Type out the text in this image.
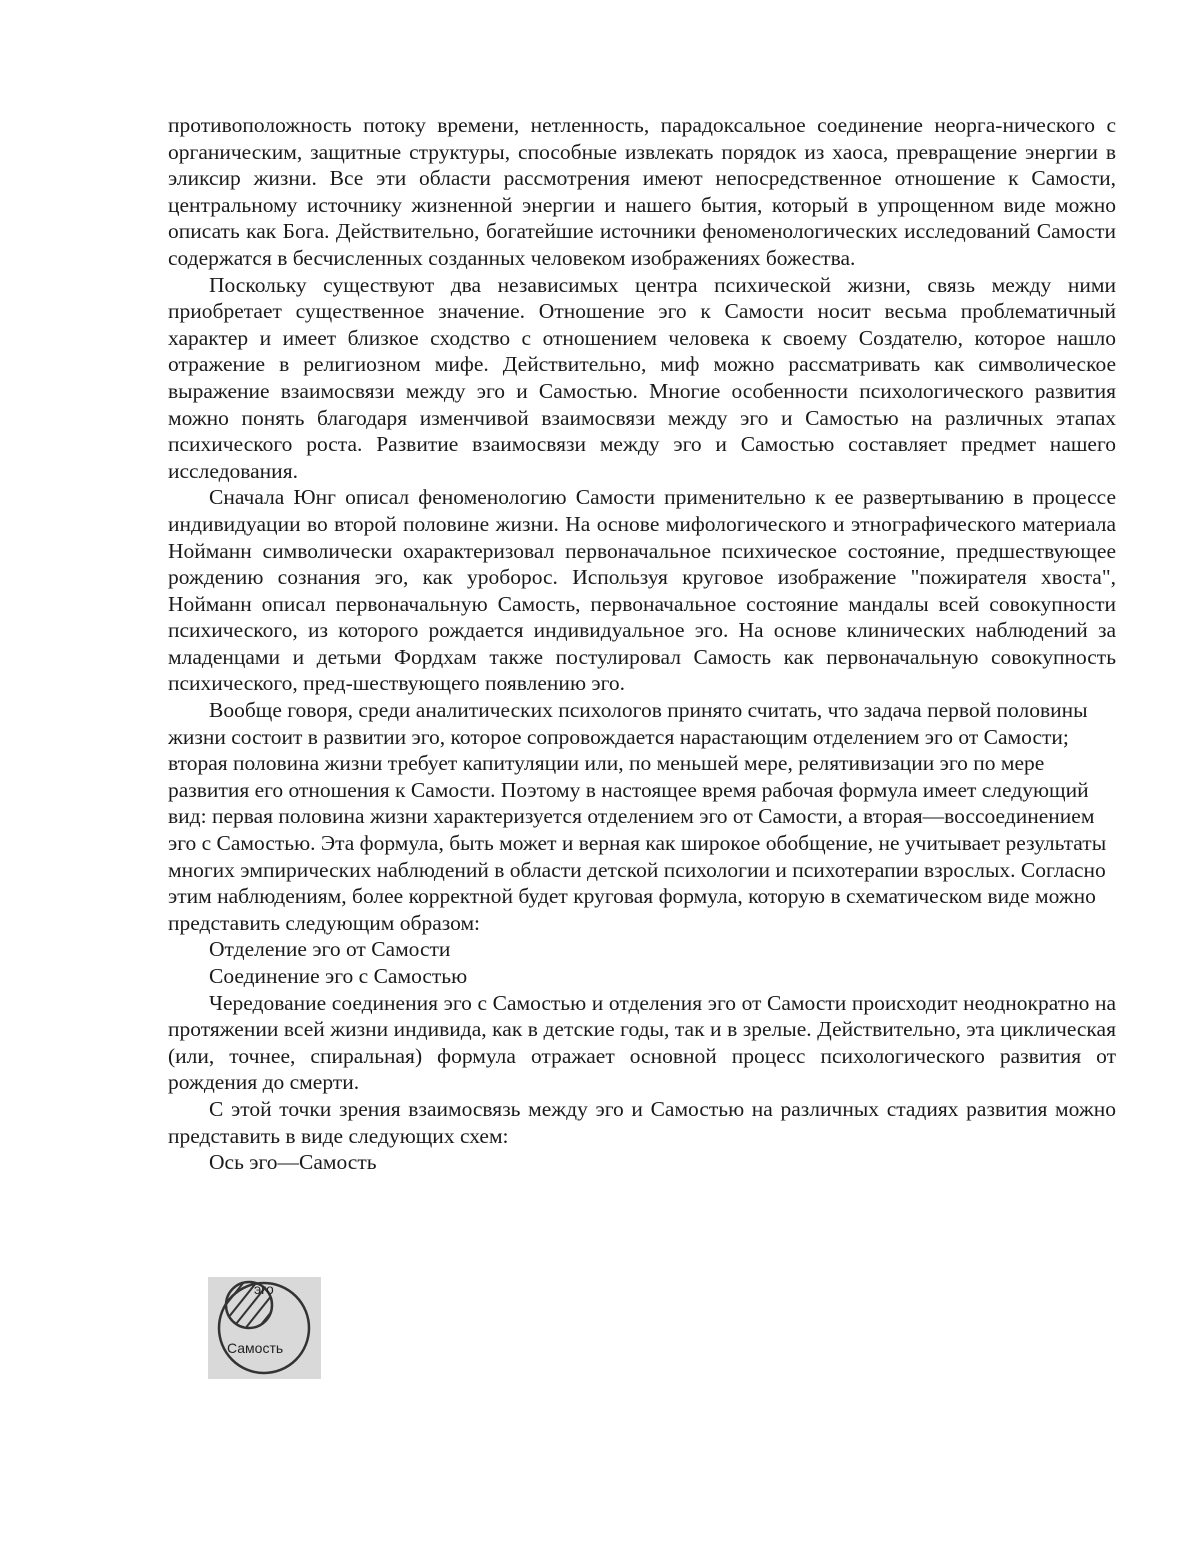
противоположность потоку времени, нетленность, парадоксальное соединение неорга-нического с органическим, защитные структуры, способные извлекать порядок из хаоса, превращение энергии в эликсир жизни. Все эти области рассмотрения имеют непосредственное отношение к Самости, центральному источнику жизненной энергии и нашего бытия, который в упрощенном виде можно описать как Бога. Действительно, богатейшие источники феноменологических исследований Самости содержатся в бесчисленных созданных человеком изображениях божества.

Поскольку существуют два независимых центра психической жизни, связь между ними приобретает существенное значение. Отношение эго к Самости носит весьма проблематичный характер и имеет близкое сходство с отношением человека к своему Создателю, которое нашло отражение в религиозном мифе. Действительно, миф можно рассматривать как символическое выражение взаимосвязи между эго и Самостью. Многие особенности психологического развития можно понять благодаря изменчивой взаимосвязи между эго и Самостью на различных этапах психического роста. Развитие взаимосвязи между эго и Самостью составляет предмет нашего исследования.

Сначала Юнг описал феноменологию Самости применительно к ее развертыванию в процессе индивидуации во второй половине жизни. На основе мифологического и этнографического материала Нойманн символически охарактеризовал первоначальное психическое состояние, предшествующее рождению сознания эго, как уроборос. Используя круговое изображение "пожирателя хвоста", Нойманн описал первоначальную Самость, первоначальное состояние мандалы всей совокупности психического, из которого рождается индивидуальное эго. На основе клинических наблюдений за младенцами и детьми Фордхам также постулировал Самость как первоначальную совокупность психического, пред-шествующего появлению эго.

Вообще говоря, среди аналитических психологов принято считать, что задача первой половины жизни состоит в развитии эго, которое сопровождается нарастающим отделением эго от Самости; вторая половина жизни требует капитуляции или, по меньшей мере, релятивизации эго по мере развития его отношения к Самости. Поэтому в настоящее время рабочая формула имеет следующий вид: первая половина жизни характеризуется отделением эго от Самости, а вторая—воссоединением эго с Самостью. Эта формула, быть может и верная как широкое обобщение, не учитывает результаты многих эмпирических наблюдений в области детской психологии и психотерапии взрослых. Согласно этим наблюдениям, более корректной будет круговая формула, которую в схематическом виде можно представить следующим образом:

Отделение эго от Самости

Соединение эго с Самостью

Чередование соединения эго с Самостью и отделения эго от Самости происходит неоднократно на протяжении всей жизни индивида, как в детские годы, так и в зрелые. Действительно, эта циклическая (или, точнее, спиральная) формула отражает основной процесс психологического развития от рождения до смерти.

С этой точки зрения взаимосвязь между эго и Самостью на различных стадиях развития можно представить в виде следующих схем:

Ось эго—Самость

эго
Самость
